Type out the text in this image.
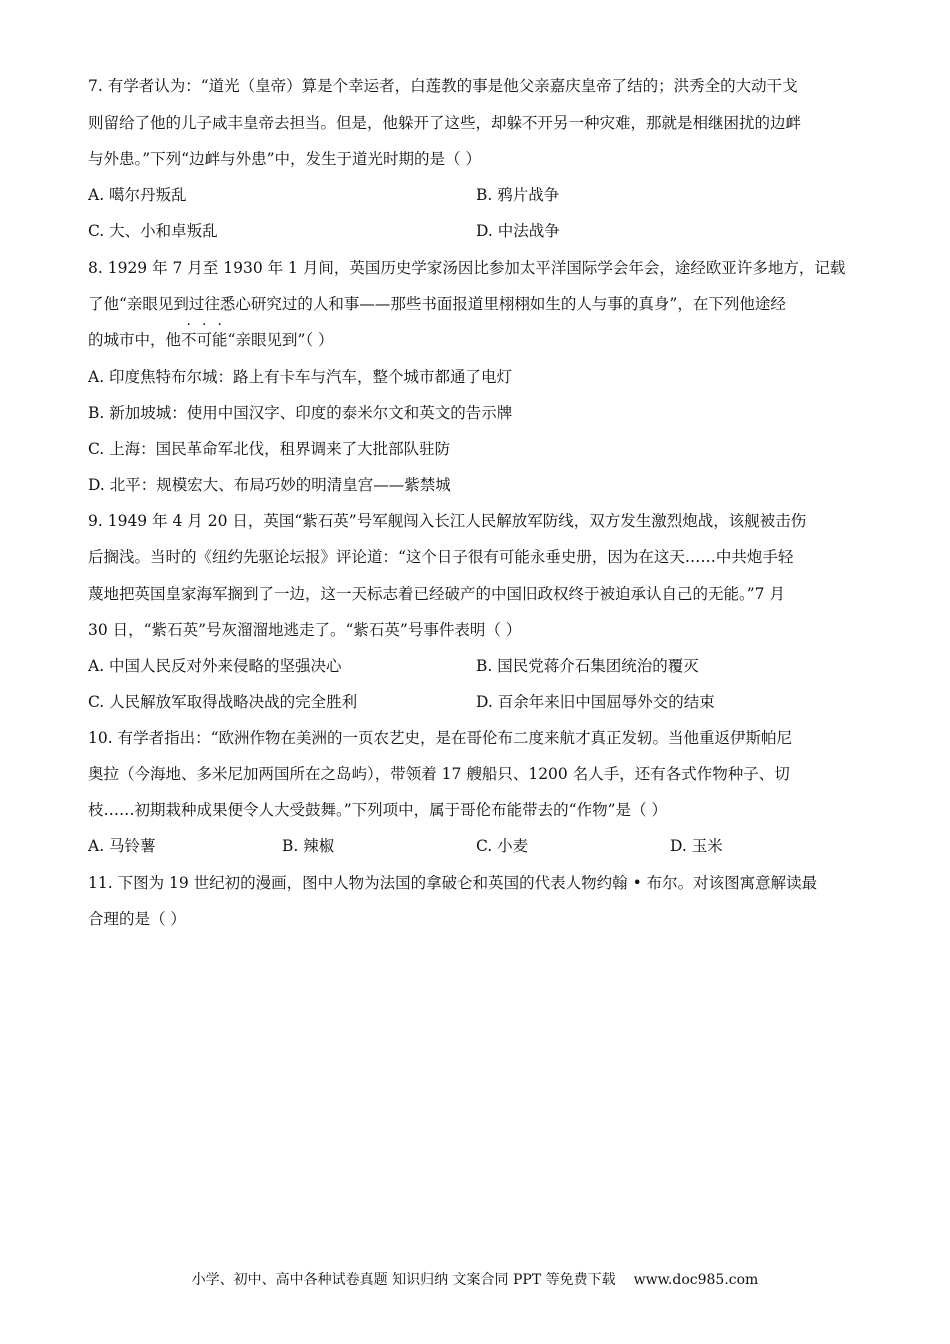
7. 有学者认为：“道光（皇帝）算是个幸运者，白莲教的事是他父亲嘉庆皇帝了结的；洪秀全的大动干戈
则留给了他的儿子咸丰皇帝去担当。但是，他躲开了这些，却躲不开另一种灾难，那就是相继困扰的边衅
与外患。”下列“边衅与外患”中，发生于道光时期的是（ ）
A. 噶尔丹叛乱	B. 鸦片战争
C. 大、小和卓叛乱	D. 中法战争
8. 1929 年 7 月至 1930 年 1 月间，英国历史学家汤因比参加太平洋国际学会年会，途经欧亚许多地方，记载
了他“亲眼见到过往悉心研究过的人和事——那些书面报道里栩栩如生的人与事的真身”，在下列他途经
的城市中，他
· · ·
不可能“亲眼见到”（ ）
A. 印度焦特布尔城：路上有卡车与汽车，整个城市都通了电灯
B. 新加坡城：使用中国汉字、印度的泰米尔文和英文的告示牌
C. 上海：国民革命军北伐，租界调来了大批部队驻防
D. 北平：规模宏大、布局巧妙的明清皇宫——紫禁城
9. 1949 年 4 月 20 日，英国“紫石英”号军舰闯入长江人民解放军防线，双方发生激烈炮战，该舰被击伤
后搁浅。当时的《纽约先驱论坛报》评论道：“这个日子很有可能永垂史册，因为在这天……中共炮手轻
蔑地把英国皇家海军搁到了一边，这一天标志着已经破产的中国旧政权终于被迫承认自己的无能。”7 月
30 日，“紫石英”号灰溜溜地逃走了。“紫石英”号事件表明（ ）
A. 中国人民反对外来侵略的坚强决心	B. 国民党蒋介石集团统治的覆灭
C. 人民解放军取得战略决战的完全胜利	D. 百余年来旧中国屈辱外交的结束
10. 有学者指出：“欧洲作物在美洲的一页农艺史，是在哥伦布二度来航才真正发轫。当他重返伊斯帕尼
奥拉（今海地、多米尼加两国所在之岛屿），带领着 17 艘船只、1200 名人手，还有各式作物种子、切
枝……初期栽种成果便令人大受鼓舞。”下列项中，属于哥伦布能带去的“作物”是（ ）
A. 马铃薯	B. 辣椒	C. 小麦	D. 玉米
11. 下图为 19 世纪初的漫画，图中人物为法国的拿破仑和英国的代表人物约翰 • 布尔。对该图寓意解读最
合理的是（ ）
小学、初中、高中各种试卷真题 知识归纳 文案合同 PPT 等免费下载 www.doc985.com
